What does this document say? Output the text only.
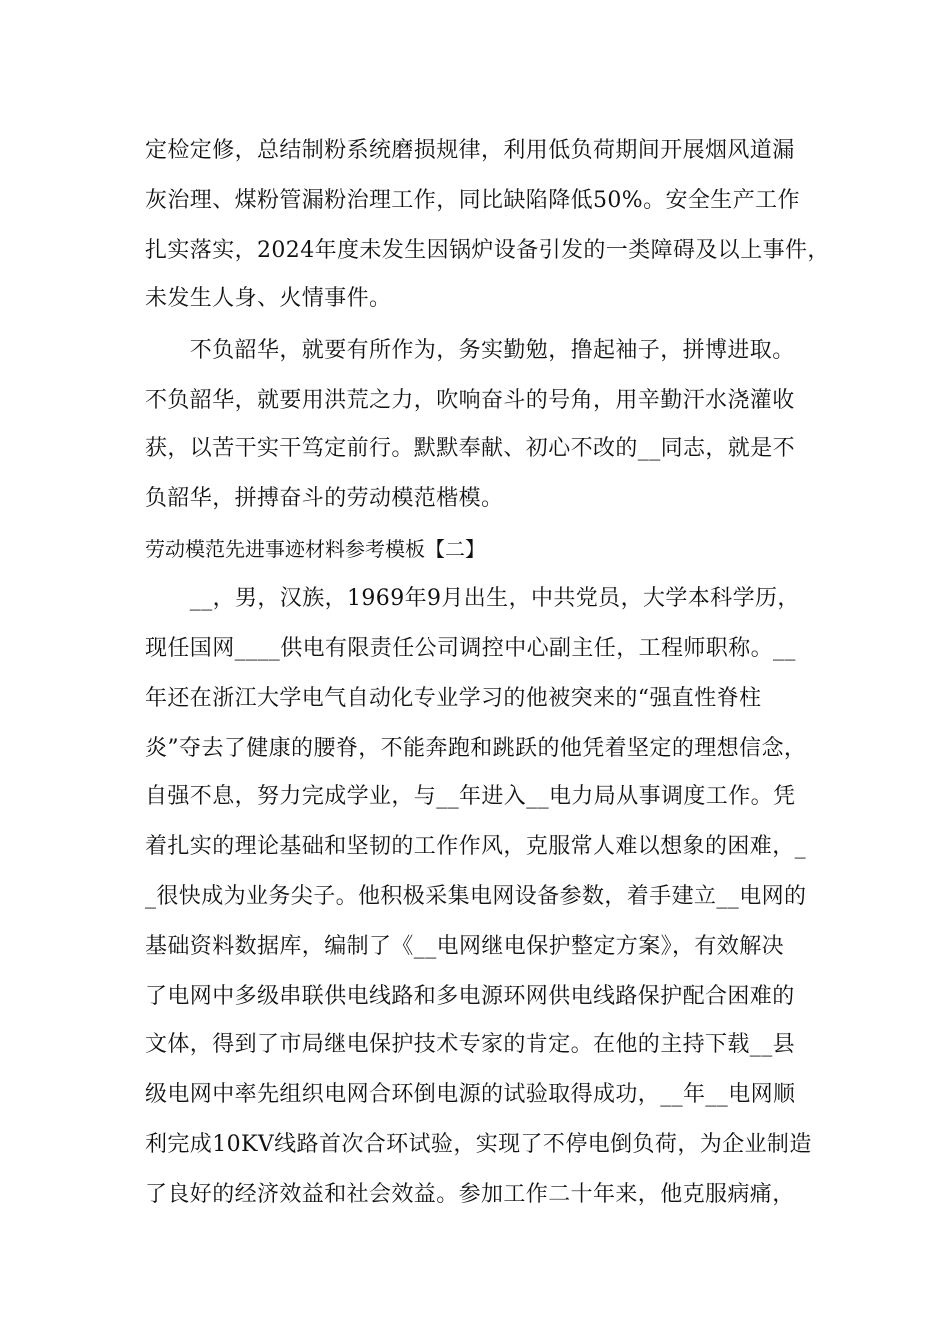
定检定修，总结制粉系统磨损规律，利用低负荷期间开展烟风道漏
灰治理、煤粉管漏粉治理工作，同比缺陷降低50%。安全生产工作
扎实落实，2024年度未发生因锅炉设备引发的一类障碍及以上事件，
未发生人身、火情事件。
　　不负韶华，就要有所作为，务实勤勉，撸起袖子，拼博进取。
不负韶华，就要用洪荒之力，吹响奋斗的号角，用辛勤汗水浇灌收
获，以苦干实干笃定前行。默默奉献、初心不改的__同志，就是不
负韶华，拼搏奋斗的劳动模范楷模。
劳动模范先进事迹材料参考模板【二】
　　__，男，汉族，1969年9月出生，中共党员，大学本科学历，
现任国网____供电有限责任公司调控中心副主任，工程师职称。__
年还在浙江大学电气自动化专业学习的他被突来的“强直性脊柱
炎”夺去了健康的腰脊，不能奔跑和跳跃的他凭着坚定的理想信念，
自强不息，努力完成学业，与__年进入__电力局从事调度工作。凭
着扎实的理论基础和坚韧的工作作风，克服常人难以想象的困难，_
_很快成为业务尖子。他积极采集电网设备参数，着手建立__电网的
基础资料数据库，编制了《__电网继电保护整定方案》，有效解决
了电网中多级串联供电线路和多电源环网供电线路保护配合困难的
文体，得到了市局继电保护技术专家的肯定。在他的主持下载__县
级电网中率先组织电网合环倒电源的试验取得成功，__年__电网顺
利完成10KV线路首次合环试验，实现了不停电倒负荷，为企业制造
了良好的经济效益和社会效益。参加工作二十年来，他克服病痛，
